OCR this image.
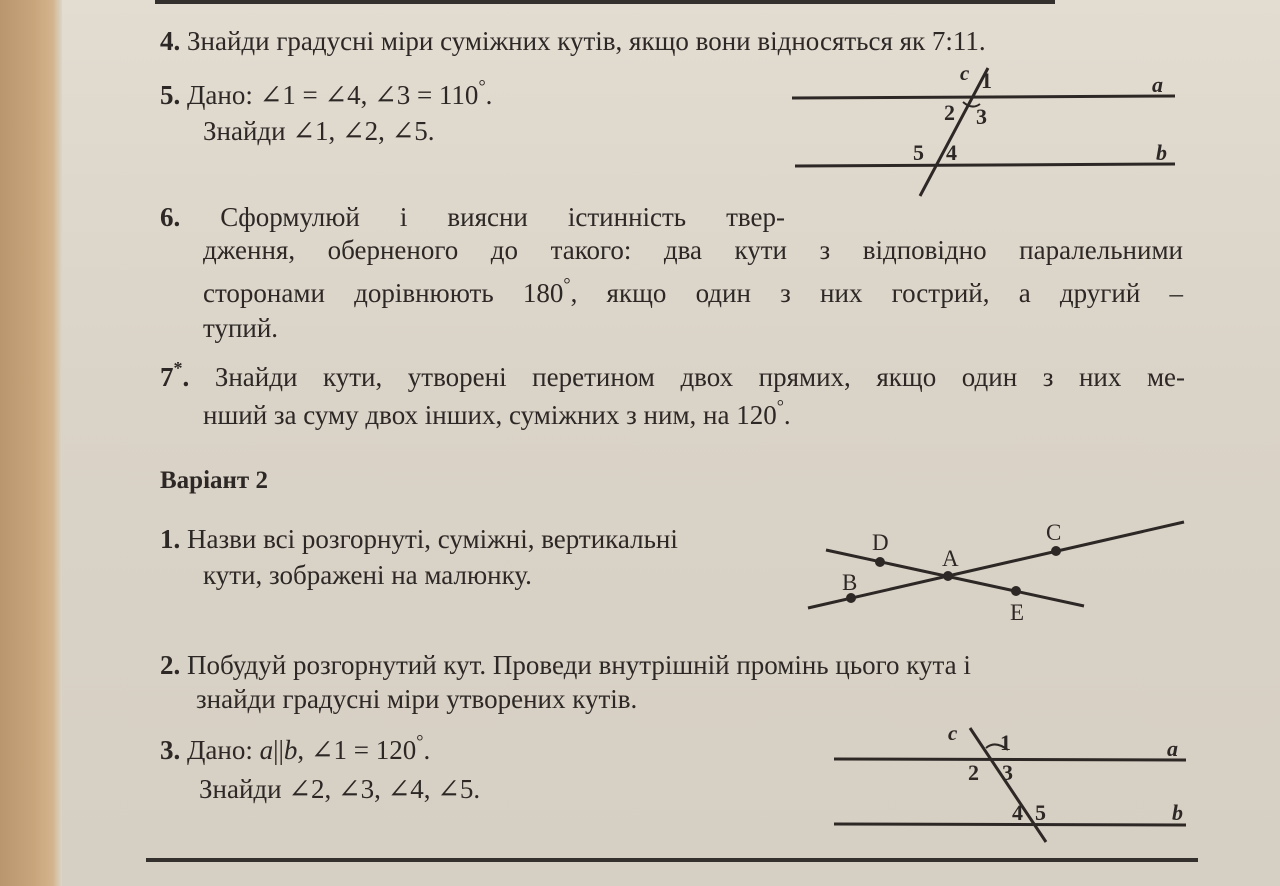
4. Знайди градусні міри суміжних кутів, якщо вони відносяться як 7:11.
5. Дано: ∠1 = ∠4, ∠3 = 110°.
Знайди ∠1, ∠2, ∠5.
c 1	a
2 3
5 4	b
6. Сформулюй і виясни істинність твер-
дження, оберненого до такого: два кути з відповідно паралельними
сторонами дорівнюють 180°, якщо один з них гострий, а другий –
тупий.
7*. Знайди кути, утворені перетином двох прямих, якщо один з них ме-
нший за суму двох інших, суміжних з ним, на 120°.
Варіант 2
1. Назви всі розгорнуті, суміжні, вертикальні
кути, зображені на малюнку.
D	C
A
B
E
2. Побудуй розгорнутий кут. Проведи внутрішній промінь цього кута і
знайди градусні міри утворених кутів.
3. Дано: a||b, ∠1 = 120°.
Знайди ∠2, ∠3, ∠4, ∠5.
c 1	a
2 3
4 5	b
